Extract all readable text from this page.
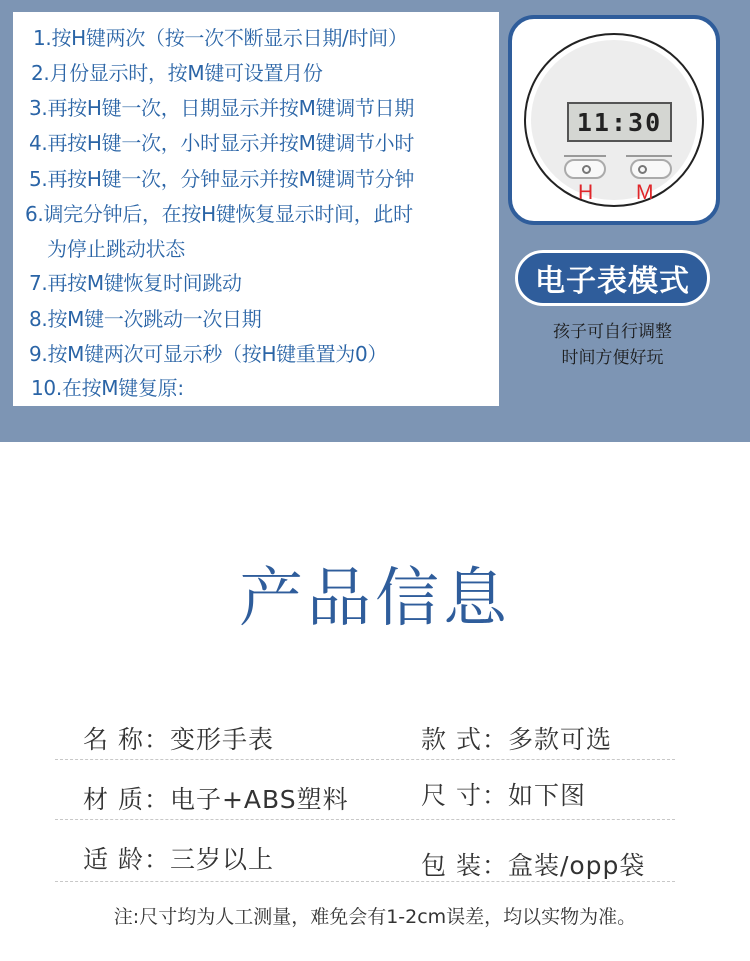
1.按H键两次（按一次不断显示日期/时间）
2.月份显示时，按M键可设置月份
3.再按H键一次，日期显示并按M键调节日期
4.再按H键一次，小时显示并按M键调节小时
5.再按H键一次，分钟显示并按M键调节分钟
6.调完分钟后，在按H键恢复显示时间，此时
为停止跳动状态
7.再按M键恢复时间跳动
8.按M键一次跳动一次日期
9.按M键两次可显示秒（按H键重置为0）
10.在按M键复原:
11:30
H M
电子表模式
孩子可自行调整
时间方便好玩
产品信息
名 称：变形手表	款 式：多款可选
材 质：电子+ABS塑料	尺 寸：如下图
适 龄：三岁以上	包 装：盒装/opp袋
注:尺寸均为人工测量，难免会有1-2cm误差，均以实物为准。
